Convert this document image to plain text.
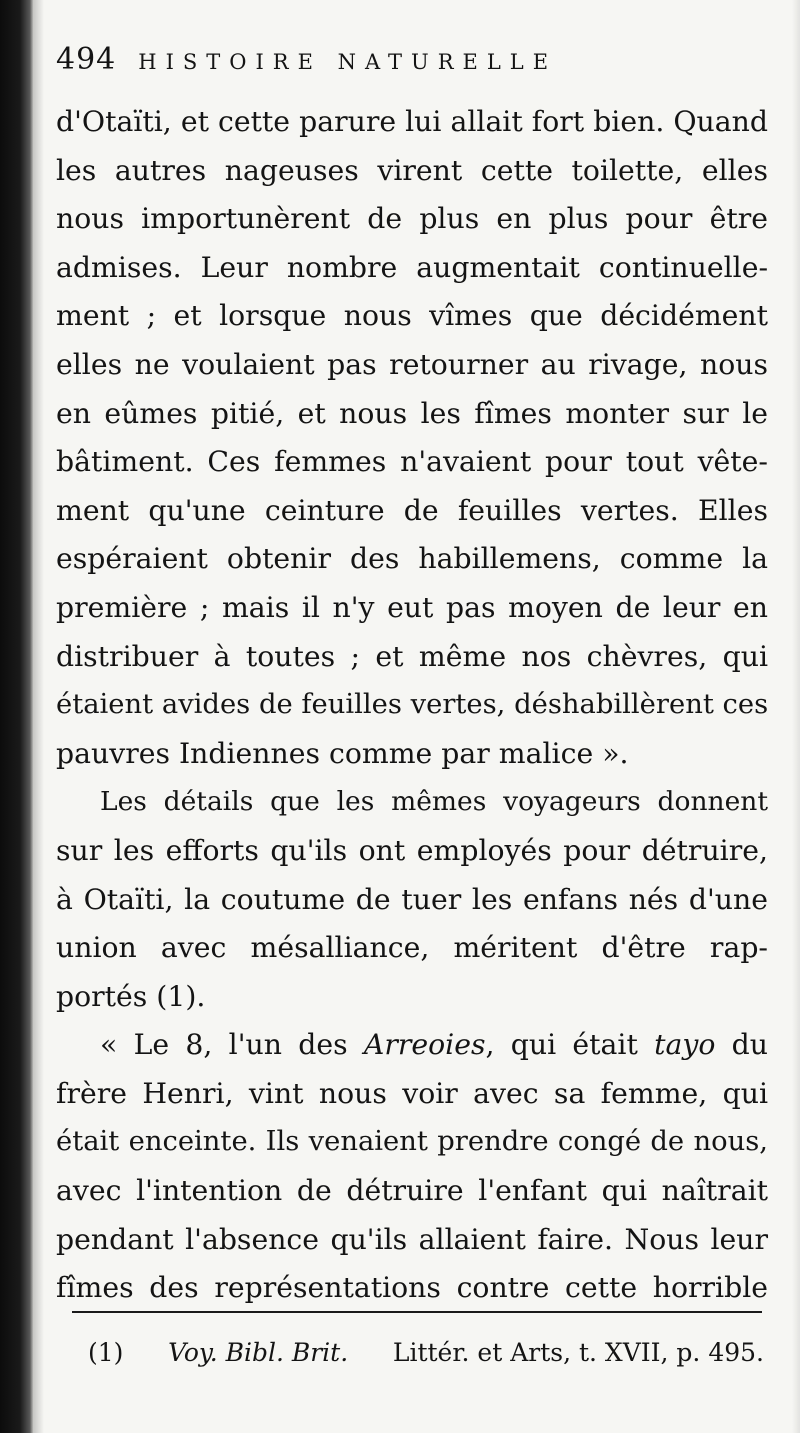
494 HISTOIRE NATURELLE
d'Otaïti, et cette parure lui allait fort bien. Quand
les autres nageuses virent cette toilette, elles
nous importunèrent de plus en plus pour être
admises. Leur nombre augmentait continuelle-
ment ; et lorsque nous vîmes que décidément
elles ne voulaient pas retourner au rivage, nous
en eûmes pitié, et nous les fîmes monter sur le
bâtiment. Ces femmes n'avaient pour tout vête-
ment qu'une ceinture de feuilles vertes. Elles
espéraient obtenir des habillemens, comme la
première ; mais il n'y eut pas moyen de leur en
distribuer à toutes ; et même nos chèvres, qui
étaient avides de feuilles vertes, déshabillèrent ces
pauvres Indiennes comme par malice ».
Les détails que les mêmes voyageurs donnent
sur les efforts qu'ils ont employés pour détruire,
à Otaïti, la coutume de tuer les enfans nés d'une
union avec mésalliance, méritent d'être rap-
portés (1).
« Le 8, l'un des Arreoies, qui était tayo du
frère Henri, vint nous voir avec sa femme, qui
était enceinte. Ils venaient prendre congé de nous,
avec l'intention de détruire l'enfant qui naîtrait
pendant l'absence qu'ils allaient faire. Nous leur
fîmes des représentations contre cette horrible
(1) Voy. Bibl. Brit. Littér. et Arts, t. XVII, p. 495.
